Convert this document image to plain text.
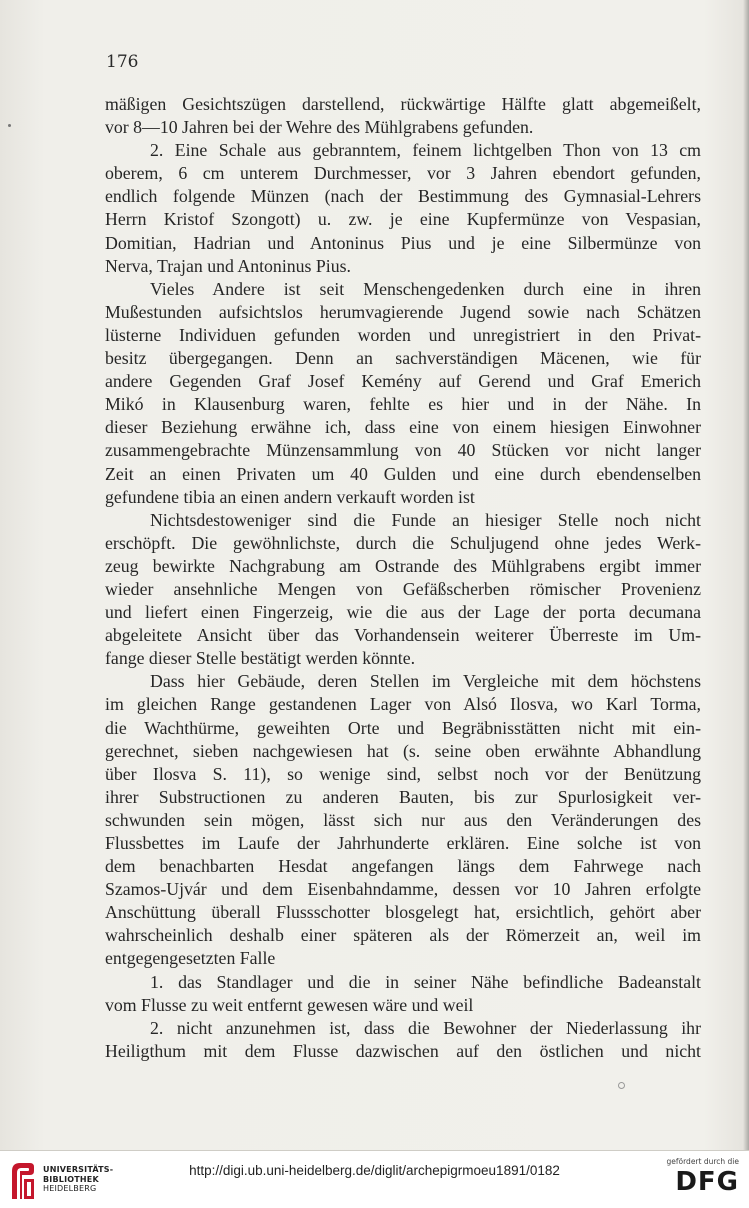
176
mäßigen Gesichtszügen darstellend, rückwärtige Hälfte glatt abgemeißelt,
vor 8—10 Jahren bei der Wehre des Mühlgrabens gefunden.
2. Eine Schale aus gebranntem, feinem lichtgelben Thon von 13 cm
oberem, 6 cm unterem Durchmesser, vor 3 Jahren ebendort gefunden,
endlich folgende Münzen (nach der Bestimmung des Gymnasial-Lehrers
Herrn Kristof Szongott) u. zw. je eine Kupfermünze von Vespasian,
Domitian, Hadrian und Antoninus Pius und je eine Silbermünze von
Nerva, Trajan und Antoninus Pius.
Vieles Andere ist seit Menschengedenken durch eine in ihren
Mußestunden aufsichtslos herumvagierende Jugend sowie nach Schätzen
lüsterne Individuen gefunden worden und unregistriert in den Privat-
besitz übergegangen. Denn an sachverständigen Mäcenen, wie für
andere Gegenden Graf Josef Kemény auf Gerend und Graf Emerich
Mikó in Klausenburg waren, fehlte es hier und in der Nähe. In
dieser Beziehung erwähne ich, dass eine von einem hiesigen Einwohner
zusammengebrachte Münzensammlung von 40 Stücken vor nicht langer
Zeit an einen Privaten um 40 Gulden und eine durch ebendenselben
gefundene tibia an einen andern verkauft worden ist
Nichtsdestoweniger sind die Funde an hiesiger Stelle noch nicht
erschöpft. Die gewöhnlichste, durch die Schuljugend ohne jedes Werk-
zeug bewirkte Nachgrabung am Ostrande des Mühlgrabens ergibt immer
wieder ansehnliche Mengen von Gefäßscherben römischer Provenienz
und liefert einen Fingerzeig, wie die aus der Lage der porta decumana
abgeleitete Ansicht über das Vorhandensein weiterer Überreste im Um-
fange dieser Stelle bestätigt werden könnte.
Dass hier Gebäude, deren Stellen im Vergleiche mit dem höchstens
im gleichen Range gestandenen Lager von Alsó Ilosva, wo Karl Torma,
die Wachthürme, geweihten Orte und Begräbnisstätten nicht mit ein-
gerechnet, sieben nachgewiesen hat (s. seine oben erwähnte Abhandlung
über Ilosva S. 11), so wenige sind, selbst noch vor der Benützung
ihrer Substructionen zu anderen Bauten, bis zur Spurlosigkeit ver-
schwunden sein mögen, lässt sich nur aus den Veränderungen des
Flussbettes im Laufe der Jahrhunderte erklären. Eine solche ist von
dem benachbarten Hesdat angefangen längs dem Fahrwege nach
Szamos-Ujvár und dem Eisenbahndamme, dessen vor 10 Jahren erfolgte
Anschüttung überall Flussschotter blosgelegt hat, ersichtlich, gehört aber
wahrscheinlich deshalb einer späteren als der Römerzeit an, weil im
entgegengesetzten Falle
1. das Standlager und die in seiner Nähe befindliche Badeanstalt
vom Flusse zu weit entfernt gewesen wäre und weil
2. nicht anzunehmen ist, dass die Bewohner der Niederlassung ihr
Heiligthum mit dem Flusse dazwischen auf den östlichen und nicht
UNIVERSITÄTS-
BIBLIOTHEK
HEIDELBERG
http://digi.ub.uni-heidelberg.de/diglit/archepigrmoeu1891/0182
gefördert durch die
DFG
